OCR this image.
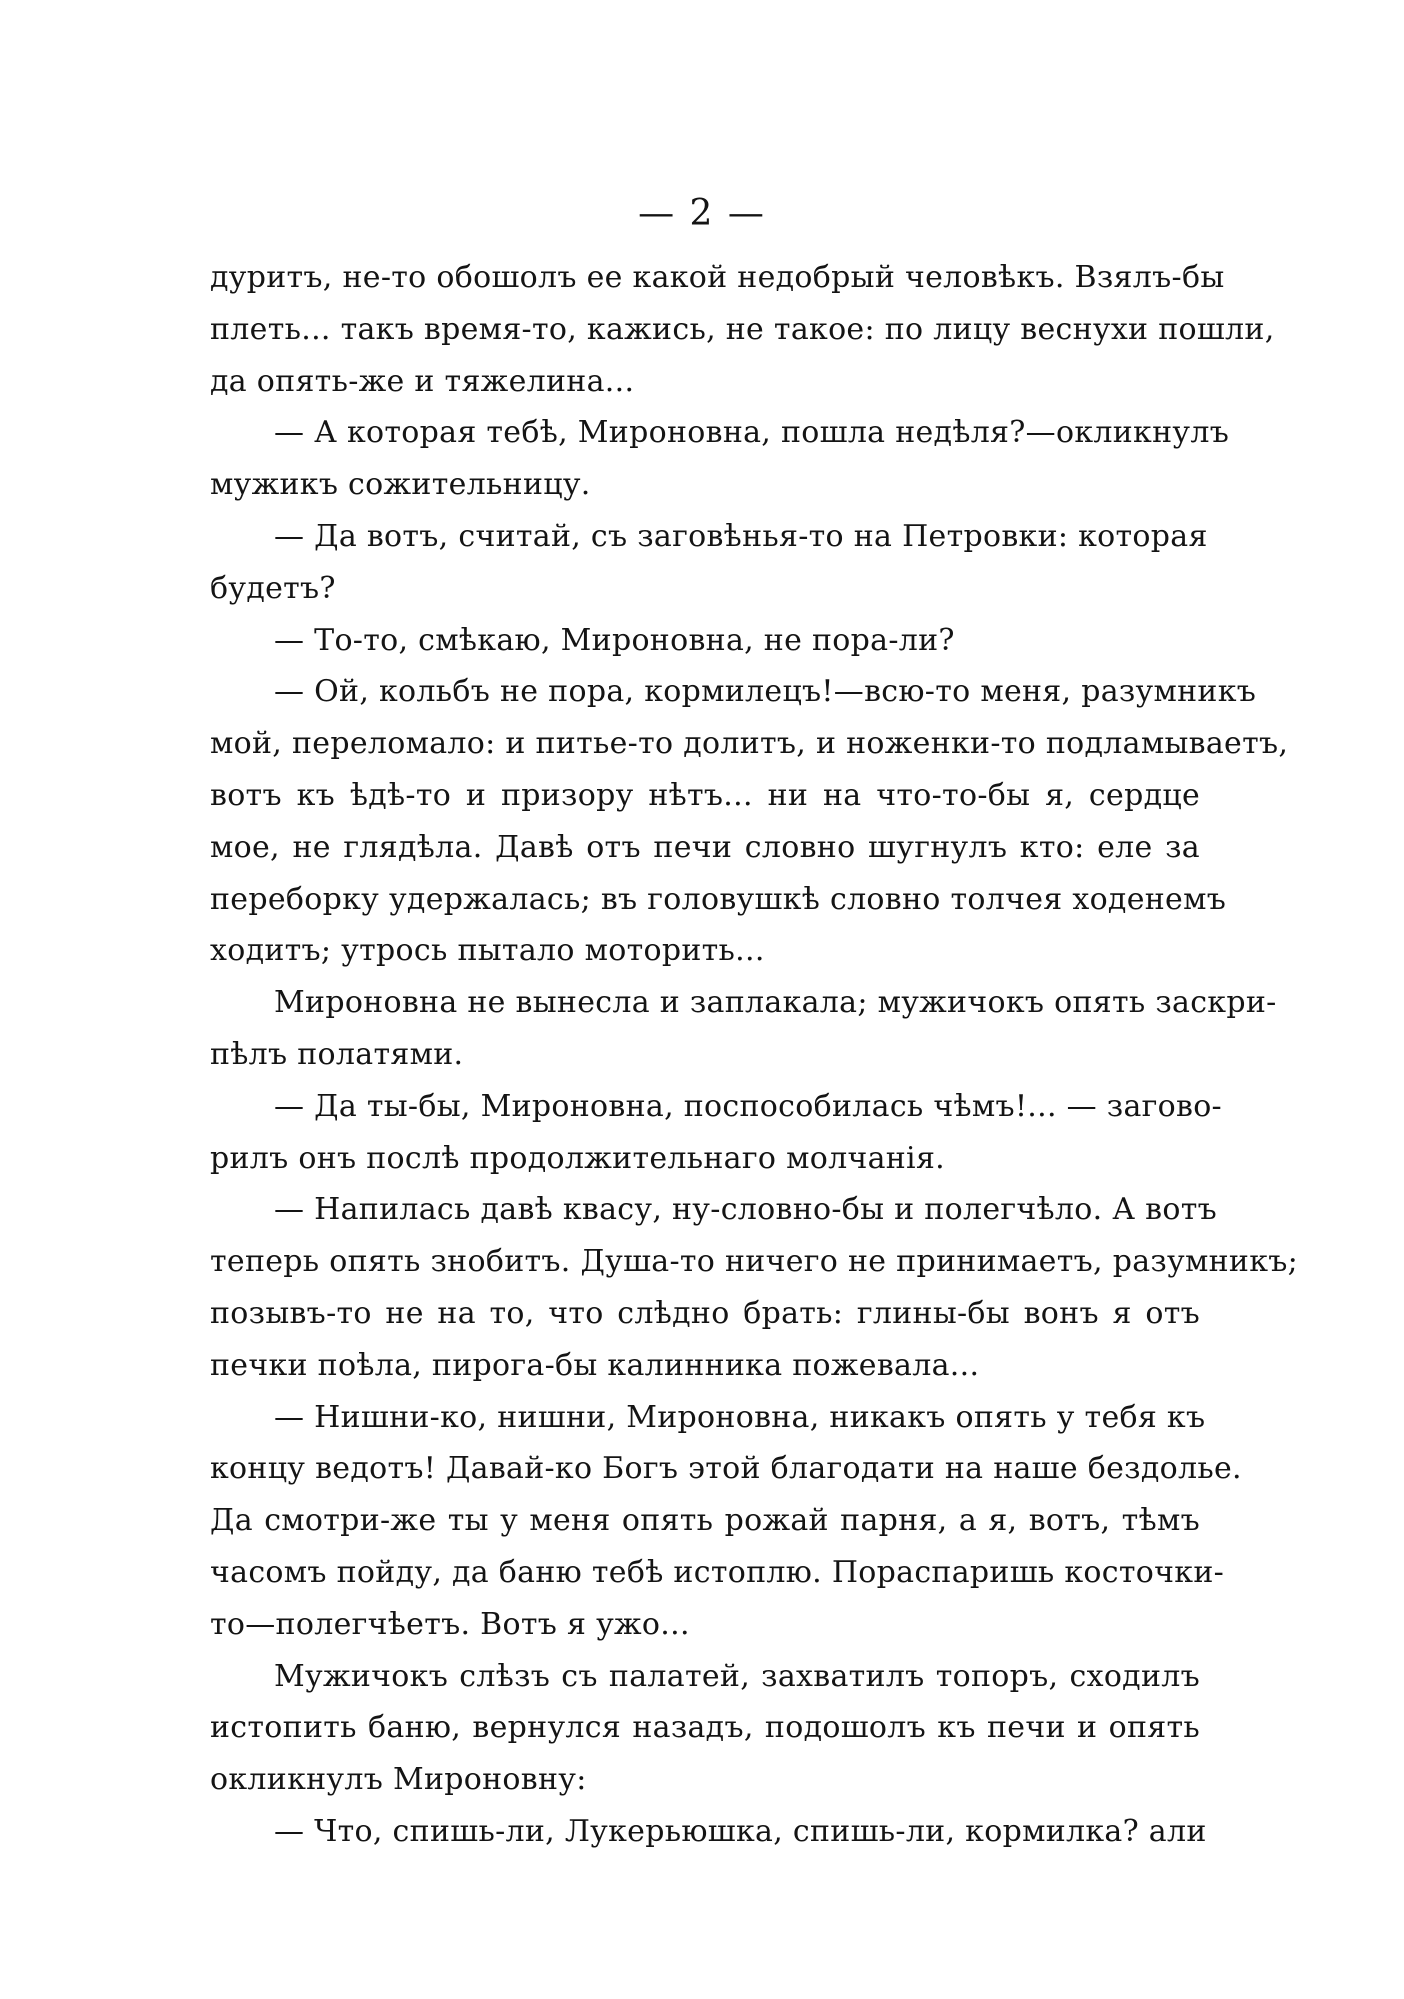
— 2 —
дуритъ, не-то обошолъ ее какой недобрый человѣкъ. Взялъ-бы
плеть... такъ время-то, кажись, не такое: по лицу веснухи пошли,
да опять-же и тяжелина...
— А которая тебѣ, Мироновна, пошла недѣля?—окликнулъ
мужикъ сожительницу.
— Да вотъ, считай, съ заговѣнья-то на Петровки: которая
будетъ?
— То-то, смѣкаю, Мироновна, не пора-ли?
— Ой, кольбъ не пора, кормилецъ!—всю-то меня, разумникъ
мой, переломало: и питье-то долитъ, и ноженки-то подламываетъ,
вотъ къ ѣдѣ-то и призору нѣтъ... ни на что-то-бы я, сердце
мое, не глядѣла. Давѣ отъ печи словно шугнулъ кто: еле за
переборку удержалась; въ головушкѣ словно толчея ходенемъ
ходитъ; утрось пытало моторить...
Мироновна не вынесла и заплакала; мужичокъ опять заскри-
пѣлъ полатями.
— Да ты-бы, Мироновна, поспособилась чѣмъ!... — загово-
рилъ онъ послѣ продолжительнаго молчанія.
— Напилась давѣ квасу, ну-словно-бы и полегчѣло. А вотъ
теперь опять знобитъ. Душа-то ничего не принимаетъ, разумникъ;
позывъ-то не на то, что слѣдно брать: глины-бы вонъ я отъ
печки поѣла, пирога-бы калинника пожевала...
— Нишни-ко, нишни, Мироновна, никакъ опять у тебя къ
концу ведотъ! Давай-ко Богъ этой благодати на наше бездолье.
Да смотри-же ты у меня опять рожай парня, а я, вотъ, тѣмъ
часомъ пойду, да баню тебѣ истоплю. Пораспаришь косточки-
то—полегчѣетъ. Вотъ я ужо...
Мужичокъ слѣзъ съ палатей, захватилъ топоръ, сходилъ
истопить баню, вернулся назадъ, подошолъ къ печи и опять
окликнулъ Мироновну:
— Что, спишь-ли, Лукерьюшка, спишь-ли, кормилка? али
